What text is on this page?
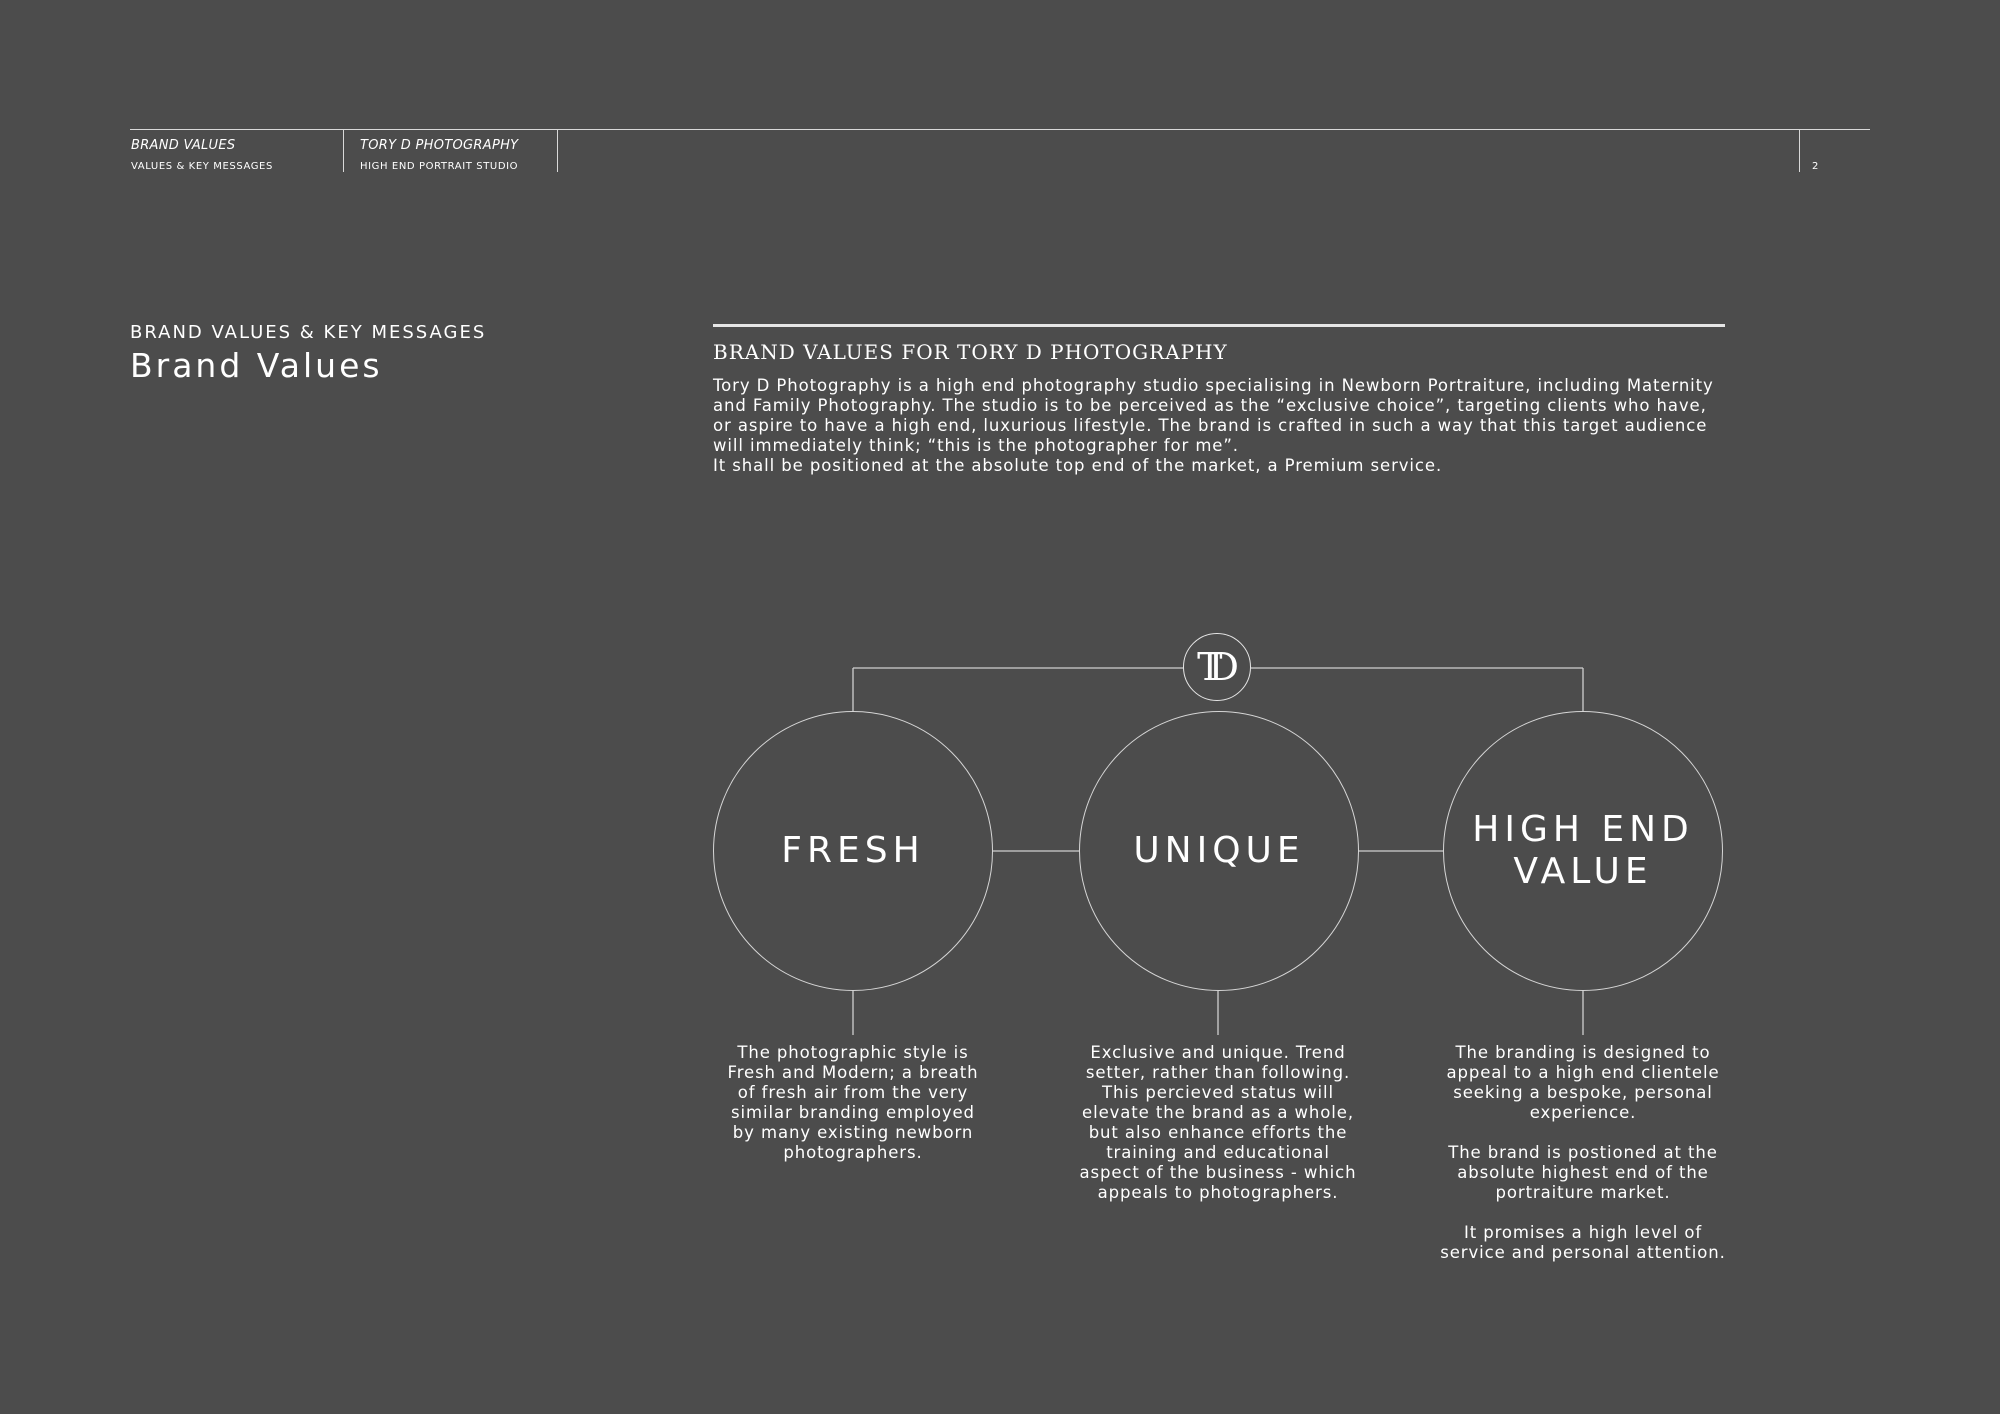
BRAND VALUES
VALUES & KEY MESSAGES
TORY D PHOTOGRAPHY
HIGH END PORTRAIT STUDIO	2
BRAND VALUES & KEY MESSAGES
Brand Values	BRAND VALUES FOR TORY D PHOTOGRAPHY

Tory D Photography is a high end photography studio specialising in Newborn Portraiture, including Maternity and Family Photography. The studio is to be perceived as the “exclusive choice”, targeting clients who have, or aspire to have a high end, luxurious lifestyle. The brand is crafted in such a way that this target audience will immediately think; “this is the photographer for me”.
It shall be positioned at the absolute top end of the market, a Premium service.

TD
FRESH	UNIQUE
HIGH END
VALUE

The photographic style is
Fresh and Modern; a breath
of fresh air from the very
similar branding employed
by many existing newborn
photographers.

Exclusive and unique. Trend
setter, rather than following.
This percieved status will
elevate the brand as a whole,
but also enhance efforts the
training and educational
aspect of the business - which
appeals to photographers.

The branding is designed to
appeal to a high end clientele
seeking a bespoke, personal
experience.

The brand is postioned at the
absolute highest end of the
portraiture market.

It promises a high level of
service and personal attention.
